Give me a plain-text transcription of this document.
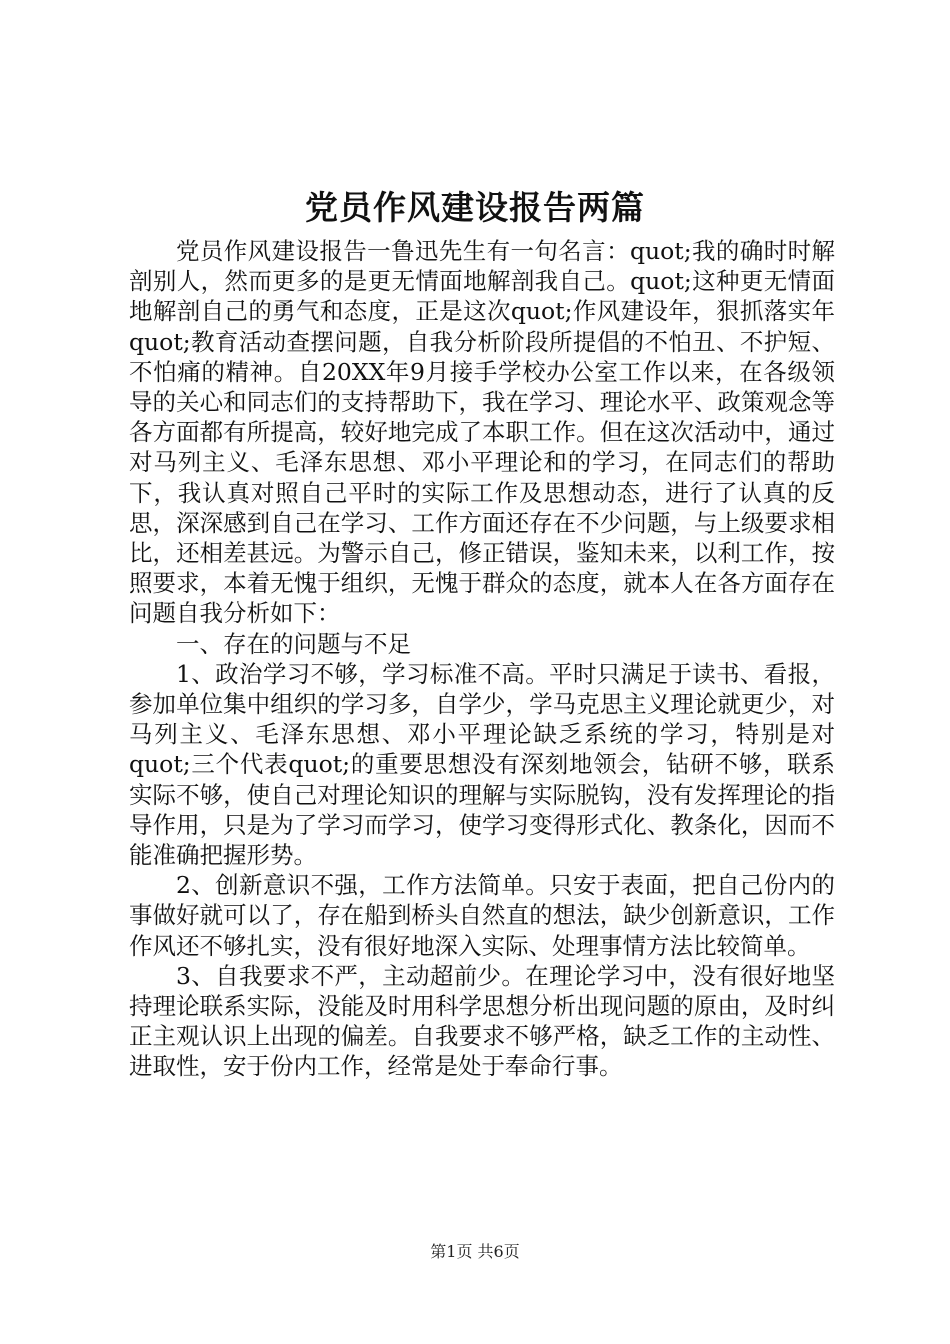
党员作风建设报告两篇

党员作风建设报告一鲁迅先生有一句名言：quot;我的确时时解剖别人，然而更多的是更无情面地解剖我自己。quot;这种更无情面地解剖自己的勇气和态度，正是这次quot;作风建设年，狠抓落实年quot;教育活动查摆问题，自我分析阶段所提倡的不怕丑、不护短、不怕痛的精神。自20XX年9月接手学校办公室工作以来，在各级领导的关心和同志们的支持帮助下，我在学习、理论水平、政策观念等各方面都有所提高，较好地完成了本职工作。但在这次活动中，通过对马列主义、毛泽东思想、邓小平理论和的学习，在同志们的帮助下，我认真对照自己平时的实际工作及思想动态，进行了认真的反思，深深感到自己在学习、工作方面还存在不少问题，与上级要求相比，还相差甚远。为警示自己，修正错误，鉴知未来，以利工作，按照要求，本着无愧于组织，无愧于群众的态度，就本人在各方面存在问题自我分析如下：

一、存在的问题与不足

1、政治学习不够，学习标准不高。平时只满足于读书、看报，参加单位集中组织的学习多，自学少，学马克思主义理论就更少，对马列主义、毛泽东思想、邓小平理论缺乏系统的学习，特别是对quot;三个代表quot;的重要思想没有深刻地领会，钻研不够，联系实际不够，使自己对理论知识的理解与实际脱钩，没有发挥理论的指导作用，只是为了学习而学习，使学习变得形式化、教条化，因而不能准确把握形势。

2、创新意识不强，工作方法简单。只安于表面，把自己份内的事做好就可以了，存在船到桥头自然直的想法，缺少创新意识，工作作风还不够扎实，没有很好地深入实际、处理事情方法比较简单。

3、自我要求不严，主动超前少。在理论学习中，没有很好地坚持理论联系实际，没能及时用科学思想分析出现问题的原由，及时纠正主观认识上出现的偏差。自我要求不够严格，缺乏工作的主动性、进取性，安于份内工作，经常是处于奉命行事。

第1页 共6页
